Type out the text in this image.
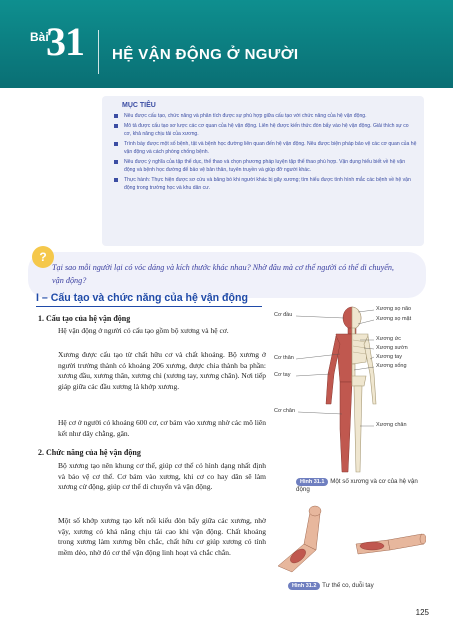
Bài
31 HỆ VẬN ĐỘNG Ở NGƯỜI
MỤC TIÊU
Nêu được cấu tạo, chức năng và phân tích được sự phù hợp giữa cấu tạo với chức năng của hệ vận động.
Mô tả được cấu tạo sơ lược các cơ quan của hệ vận động. Liên hệ được kiến thức đòn bẩy vào hệ vận động. Giải thích sự co cơ, khả năng chịu tải của xương.
Trình bày được một số bệnh, tật và bệnh học đường liên quan đến hệ vận động. Nêu được biện pháp bảo vệ các cơ quan của hệ vận động và cách phòng chống bệnh.
Nêu được ý nghĩa của tập thể dục, thể thao và chọn phương pháp luyện tập thể thao phù hợp. Vận dụng hiểu biết về hệ vận động và bệnh học đường để bảo vệ bản thân, tuyên truyền và giúp đỡ người khác.
Thực hành: Thực hiện được sơ cứu và băng bó khi người khác bị gãy xương; tìm hiểu được tình hình mắc các bệnh về hệ vận động trong trường học và khu dân cư.
?

Tại sao mỗi người lại có vóc dáng và kích thước khác nhau? Nhờ đâu mà cơ thể người có thể di chuyển, vận động?

I – Cấu tạo và chức năng của hệ vận động
1. Cấu tạo của hệ vận động

Hệ vận động ở người có cấu tạo gồm bộ xương và hệ cơ.

Xương được cấu tạo từ chất hữu cơ và chất khoáng. Bộ xương ở người trưởng thành có khoảng 206 xương, được chia thành ba phần: xương đầu, xương thân, xương chi (xương tay, xương chân). Nơi tiếp giáp giữa các đầu xương là khớp xương.

Hệ cơ ở người có khoảng 600 cơ, cơ bám vào xương nhờ các mô liên kết như dây chằng, gân.

2. Chức năng của hệ vận động

Bộ xương tạo nên khung cơ thể, giúp cơ thể có hình dạng nhất định và bảo vệ cơ thể. Cơ bám vào xương, khi cơ co hay dãn sẽ làm xương cử động, giúp cơ thể di chuyển và vận động.

Một số khớp xương tạo kết nối kiểu đòn bẩy giữa các xương, nhờ vậy, xương có khả năng chịu tải cao khi vận động. Chất khoáng trong xương làm xương bền chắc, chất hữu cơ giúp xương có tính mềm dẻo, nhờ đó cơ thể vận động linh hoạt và chắc chắn.

Cơ đầu
Cơ thân
Cơ tay
Cơ chân
Xương sọ não
Xương sọ mặt
Xương ức
Xương sườn
Xương tay
Xương sống
Xương chân
Hình 31.1 Một số xương và cơ của hệ vận động
Hình 31.2 Tư thế co, duỗi tay
125
